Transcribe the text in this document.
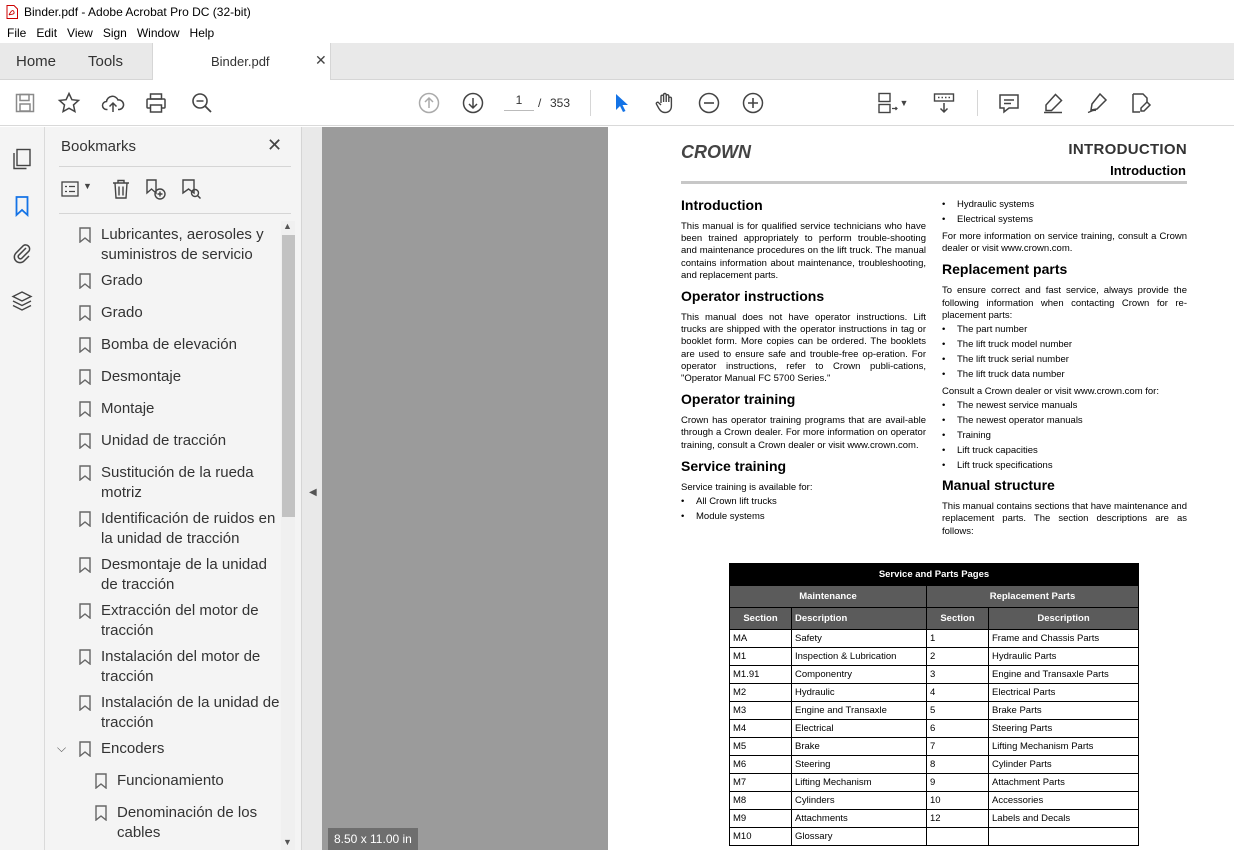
Binder.pdf - Adobe Acrobat Pro DC (32-bit)
File Edit View Sign Window Help
Home Tools	Binder.pdf	✕
▼
1
/ 353
Bookmarks	✕
▼
Lubricantes, aerosoles y suministros de servicio
Grado
Grado
Bomba de elevación
Desmontaje
Montaje
Unidad de tracción
Sustitución de la rueda motriz
Identificación de ruidos en la unidad de tracción
Desmontaje de la unidad de tracción
Extracción del motor de tracción
Instalación del motor de tracción
Instalación de la unidad de tracción
⌵ Encoders
Funcionamiento
Denominación de los cables
▲
▼
◀
8.50 x 11.00 in
CROWN	INTRODUCTION
Introduction
Introduction
This manual is for qualified service technicians who have been trained appropriately to perform trouble-shooting and maintenance procedures on the lift truck. The manual contains information about maintenance, troubleshooting, and replacement parts.
Operator instructions
This manual does not have operator instructions. Lift trucks are shipped with the operator instructions in tag or booklet form. More copies can be ordered. The booklets are used to ensure safe and trouble-free op-eration. For operator instructions, refer to Crown publi-cations, "Operator Manual FC 5700 Series."
Operator training
Crown has operator training programs that are avail-able through a Crown dealer. For more information on operator training, consult a Crown dealer or visit www.crown.com.
Service training
Service training is available for:
• All Crown lift trucks
• Module systems
• Hydraulic systems
• Electrical systems
For more information on service training, consult a Crown dealer or visit www.crown.com.
Replacement parts
To ensure correct and fast service, always provide the following information when contacting Crown for re-placement parts:
• The part number
• The lift truck model number
• The lift truck serial number
• The lift truck data number
Consult a Crown dealer or visit www.crown.com for:
• The newest service manuals
• The newest operator manuals
• Training
• Lift truck capacities
• Lift truck specifications
Manual structure
This manual contains sections that have maintenance and replacement parts. The section descriptions are as follows:
Service and Parts Pages			
Maintenance		Replacement Parts	
Section	Description	Section	Description
MA	Safety	1	Frame and Chassis Parts
M1	Inspection & Lubrication	2	Hydraulic Parts
M1.91	Componentry	3	Engine and Transaxle Parts
M2	Hydraulic	4	Electrical Parts
M3	Engine and Transaxle	5	Brake Parts
M4	Electrical	6	Steering Parts
M5	Brake	7	Lifting Mechanism Parts
M6	Steering	8	Cylinder Parts
M7	Lifting Mechanism	9	Attachment Parts
M8	Cylinders	10	Accessories
M9	Attachments	12	Labels and Decals
M10	Glossary		
